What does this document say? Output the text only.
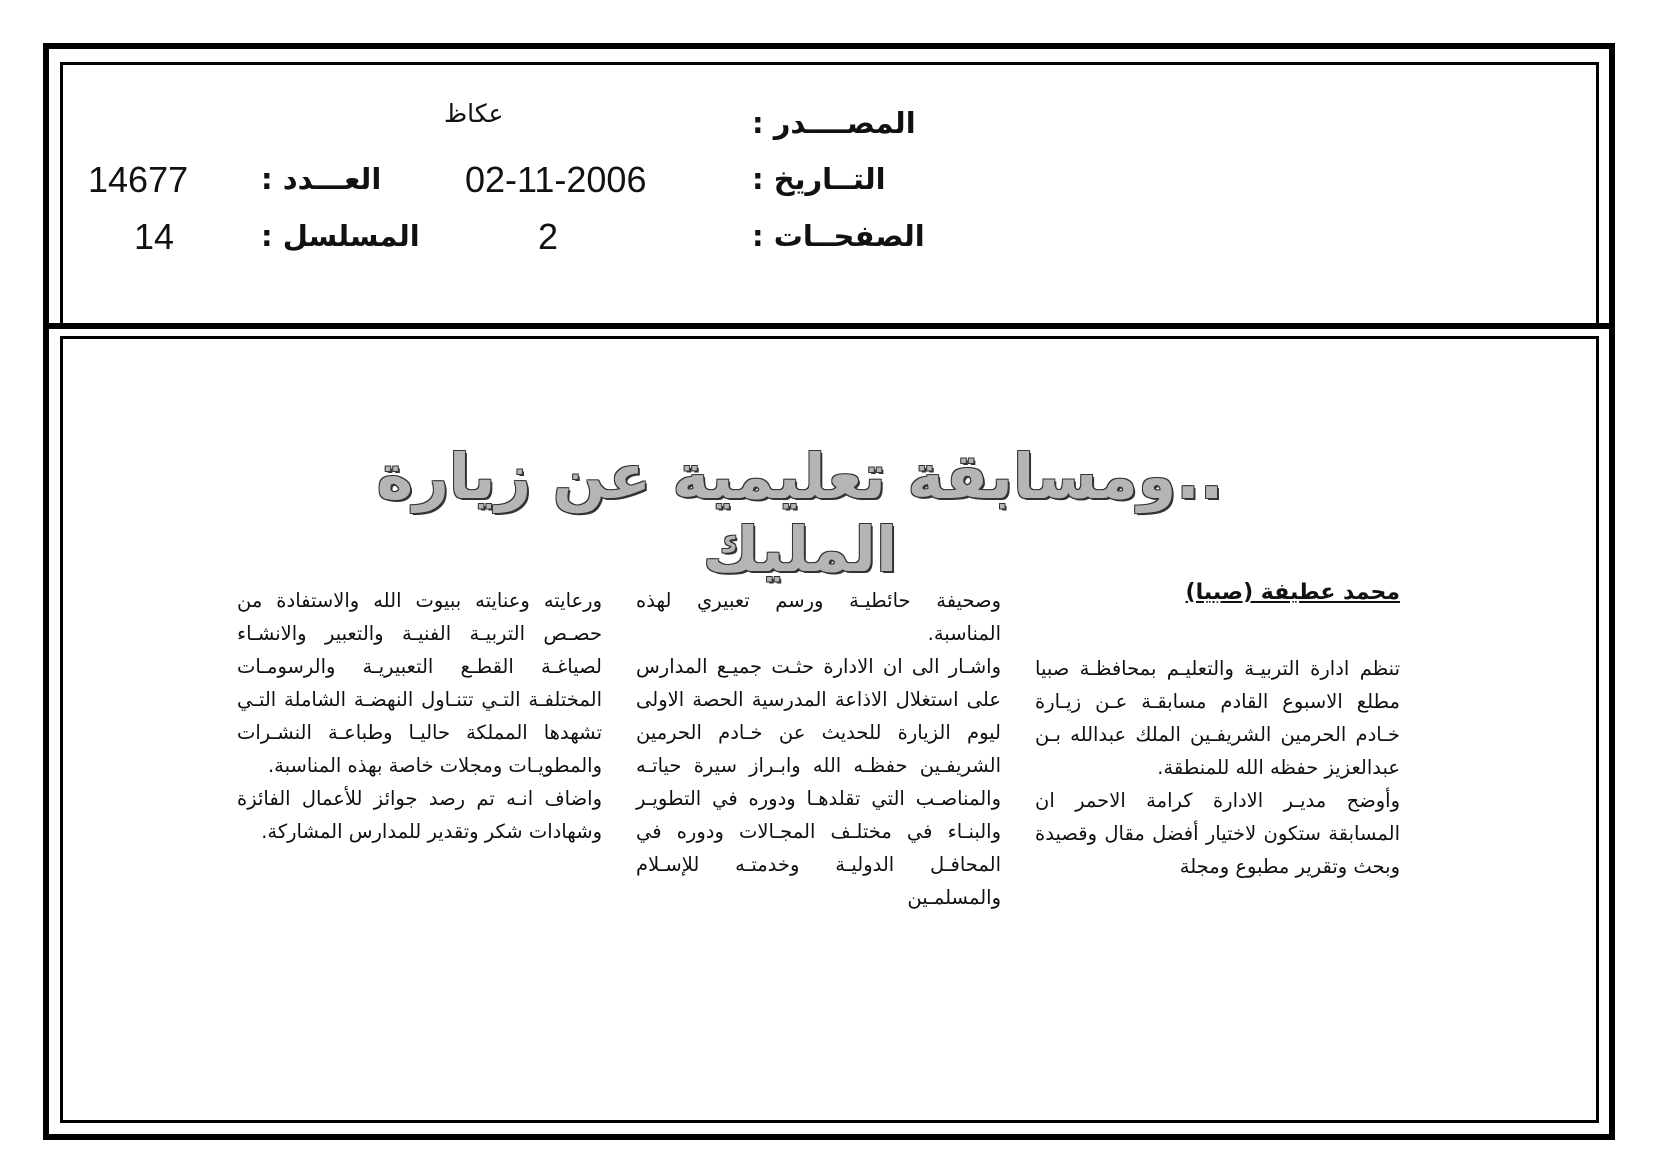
المصــــدر :
عكاظ
التــاريخ :
02-11-2006
العـــدد :
14677
الصفحــات :
2
المسلسل :
14
..ومسابقة تعليمية عن زيارة المليك
محمد عطيفة (صبيا)

تنظم ادارة التربيـة والتعليـم بمحافظـة صبيا مطلع الاسبوع القادم مسابقـة عـن زيـارة خـادم الحرمين الشريفـين الملك عبدالله بـن عبدالعزيز حفظه الله للمنطقة.

وأوضح مديـر الادارة كرامة الاحمر ان المسابقة ستكون لاختيار أفضل مقال وقصيدة وبحث وتقرير مطبوع ومجلة

وصحيفة حائطيـة ورسم تعبيري لهذه المناسبة.

واشـار الى ان الادارة حثـت جميـع المدارس على استغلال الاذاعة المدرسية الحصة الاولى ليوم الزيارة للحديث عن خـادم الحرمين الشريفـين حفظـه الله وابـراز سيرة حياتـه والمناصـب التي تقلدهـا ودوره في التطويـر والبنـاء في مختلـف المجـالات ودوره في المحافـل الدوليـة وخدمتـه للإسـلام والمسلمـين

ورعايته وعنايته ببيوت الله والاستفادة من حصـص التربيـة الفنيـة والتعبير والانشـاء لصياغـة القطـع التعبيريـة والرسومـات المختلفـة التـي تتنـاول النهضـة الشاملة التـي تشهدها المملكة حاليـا وطباعـة النشـرات والمطويـات ومجلات خاصة بهذه المناسبة.

واضاف انـه تم رصد جوائز للأعمال الفائزة وشهادات شكر وتقدير للمدارس المشاركة.
